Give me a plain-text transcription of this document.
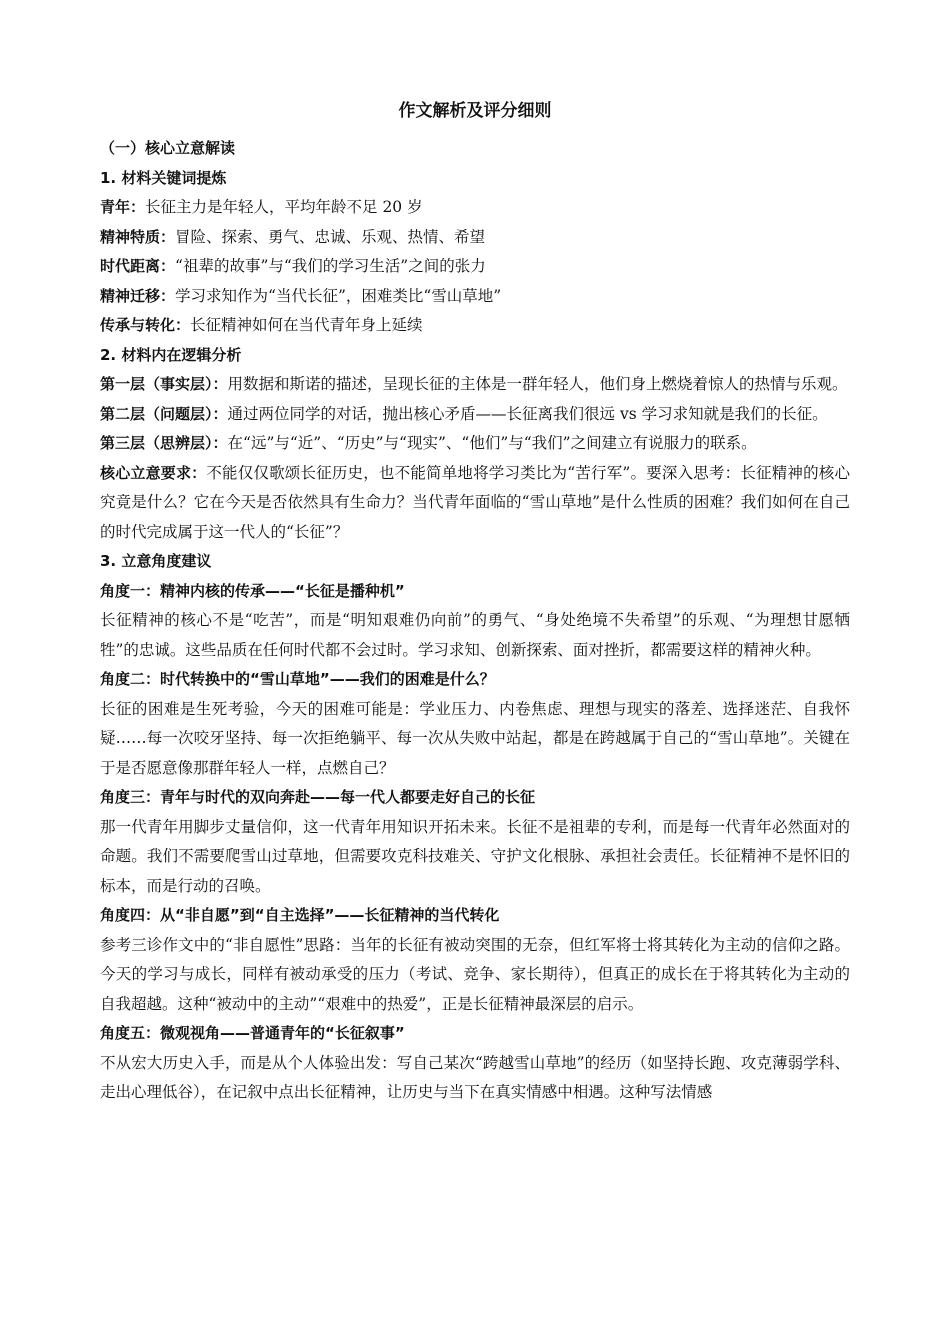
作文解析及评分细则

（一）核心立意解读

1. 材料关键词提炼

青年：长征主力是年轻人，平均年龄不足 20 岁

精神特质：冒险、探索、勇气、忠诚、乐观、热情、希望

时代距离：“祖辈的故事”与“我们的学习生活”之间的张力

精神迁移：学习求知作为“当代长征”，困难类比“雪山草地”

传承与转化：长征精神如何在当代青年身上延续

2. 材料内在逻辑分析

第一层（事实层）：用数据和斯诺的描述，呈现长征的主体是一群年轻人，他们身上燃烧着惊人的热情与乐观。

第二层（问题层）：通过两位同学的对话，抛出核心矛盾——长征离我们很远 vs 学习求知就是我们的长征。

第三层（思辨层）：在“远”与“近”、“历史”与“现实”、“他们”与“我们”之间建立有说服力的联系。

核心立意要求：不能仅仅歌颂长征历史，也不能简单地将学习类比为“苦行军”。要深入思考：长征精神的核心究竟是什么？它在今天是否依然具有生命力？当代青年面临的“雪山草地”是什么性质的困难？我们如何在自己的时代完成属于这一代人的“长征”？

3. 立意角度建议

角度一：精神内核的传承——“长征是播种机”

长征精神的核心不是“吃苦”，而是“明知艰难仍向前”的勇气、“身处绝境不失希望”的乐观、“为理想甘愿牺牲”的忠诚。这些品质在任何时代都不会过时。学习求知、创新探索、面对挫折，都需要这样的精神火种。

角度二：时代转换中的“雪山草地”——我们的困难是什么？

长征的困难是生死考验，今天的困难可能是：学业压力、内卷焦虑、理想与现实的落差、选择迷茫、自我怀疑……每一次咬牙坚持、每一次拒绝躺平、每一次从失败中站起，都是在跨越属于自己的“雪山草地”。关键在于是否愿意像那群年轻人一样，点燃自己？

角度三：青年与时代的双向奔赴——每一代人都要走好自己的长征

那一代青年用脚步丈量信仰，这一代青年用知识开拓未来。长征不是祖辈的专利，而是每一代青年必然面对的命题。我们不需要爬雪山过草地，但需要攻克科技难关、守护文化根脉、承担社会责任。长征精神不是怀旧的标本，而是行动的召唤。

角度四：从“非自愿”到“自主选择”——长征精神的当代转化

参考三诊作文中的“非自愿性”思路：当年的长征有被动突围的无奈，但红军将士将其转化为主动的信仰之路。今天的学习与成长，同样有被动承受的压力（考试、竞争、家长期待），但真正的成长在于将其转化为主动的自我超越。这种“被动中的主动”“艰难中的热爱”，正是长征精神最深层的启示。

角度五：微观视角——普通青年的“长征叙事”

不从宏大历史入手，而是从个人体验出发：写自己某次“跨越雪山草地”的经历（如坚持长跑、攻克薄弱学科、走出心理低谷），在记叙中点出长征精神，让历史与当下在真实情感中相遇。这种写法情感
